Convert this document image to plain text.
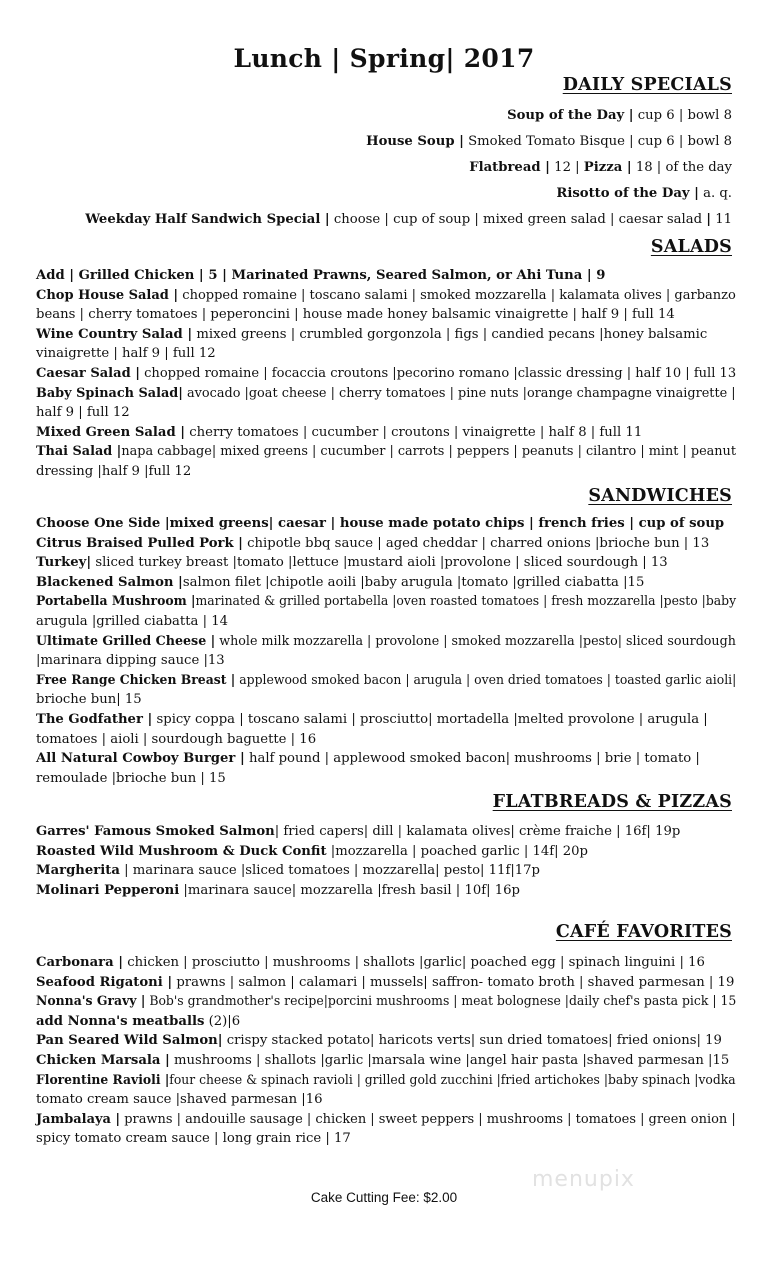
Lunch | Spring| 2017
DAILY SPECIALS
Soup of the Day | cup 6 | bowl 8
House Soup | Smoked Tomato Bisque | cup 6 | bowl 8
Flatbread | 12 | Pizza | 18 | of the day
Risotto of the Day | a. q.
Weekday Half Sandwich Special | choose | cup of soup | mixed green salad | caesar salad | 11
SALADS
Add | Grilled Chicken | 5 | Marinated Prawns, Seared Salmon, or Ahi Tuna | 9
Chop House Salad | chopped romaine | toscano salami | smoked mozzarella | kalamata olives | garbanzo
beans | cherry tomatoes | peperoncini | house made honey balsamic vinaigrette | half 9 | full 14
Wine Country Salad | mixed greens | crumbled gorgonzola | figs | candied pecans |honey balsamic
vinaigrette | half 9 | full 12
Caesar Salad | chopped romaine | focaccia croutons |pecorino romano |classic dressing | half 10 | full 13
Baby Spinach Salad| avocado |goat cheese | cherry tomatoes | pine nuts |orange champagne vinaigrette |
half 9 | full 12
Mixed Green Salad | cherry tomatoes | cucumber | croutons | vinaigrette | half 8 | full 11
Thai Salad |napa cabbage| mixed greens | cucumber | carrots | peppers | peanuts | cilantro | mint | peanut
dressing |half 9 |full 12
SANDWICHES
Choose One Side |mixed greens| caesar | house made potato chips | french fries | cup of soup
Citrus Braised Pulled Pork | chipotle bbq sauce | aged cheddar | charred onions |brioche bun | 13
Turkey| sliced turkey breast |tomato |lettuce |mustard aioli |provolone | sliced sourdough | 13
Blackened Salmon |salmon filet |chipotle aoili |baby arugula |tomato |grilled ciabatta |15
Portabella Mushroom |marinated & grilled portabella |oven roasted tomatoes | fresh mozzarella |pesto |baby
arugula |grilled ciabatta | 14
Ultimate Grilled Cheese | whole milk mozzarella | provolone | smoked mozzarella |pesto| sliced sourdough
|marinara dipping sauce |13
Free Range Chicken Breast | applewood smoked bacon | arugula | oven dried tomatoes | toasted garlic aioli|
brioche bun| 15
The Godfather | spicy coppa | toscano salami | prosciutto| mortadella |melted provolone | arugula |
tomatoes | aioli | sourdough baguette | 16
All Natural Cowboy Burger | half pound | applewood smoked bacon| mushrooms | brie | tomato |
remoulade |brioche bun | 15
FLATBREADS & PIZZAS
Garres' Famous Smoked Salmon| fried capers| dill | kalamata olives| crème fraiche | 16f| 19p
Roasted Wild Mushroom & Duck Confit |mozzarella | poached garlic | 14f| 20p
Margherita | marinara sauce |sliced tomatoes | mozzarella| pesto| 11f|17p
Molinari Pepperoni |marinara sauce| mozzarella |fresh basil | 10f| 16p
CAFÉ FAVORITES
Carbonara | chicken | prosciutto | mushrooms | shallots |garlic| poached egg | spinach linguini | 16
Seafood Rigatoni | prawns | salmon | calamari | mussels| saffron- tomato broth | shaved parmesan | 19
Nonna's Gravy | Bob's grandmother's recipe|porcini mushrooms | meat bolognese |daily chef's pasta pick | 15
add Nonna's meatballs (2)|6
Pan Seared Wild Salmon| crispy stacked potato| haricots verts| sun dried tomatoes| fried onions| 19
Chicken Marsala | mushrooms | shallots |garlic |marsala wine |angel hair pasta |shaved parmesan |15
Florentine Ravioli |four cheese & spinach ravioli | grilled gold zucchini |fried artichokes |baby spinach |vodka
tomato cream sauce |shaved parmesan |16
Jambalaya | prawns | andouille sausage | chicken | sweet peppers | mushrooms | tomatoes | green onion |
spicy tomato cream sauce | long grain rice | 17
menupix
Cake Cutting Fee: $2.00
